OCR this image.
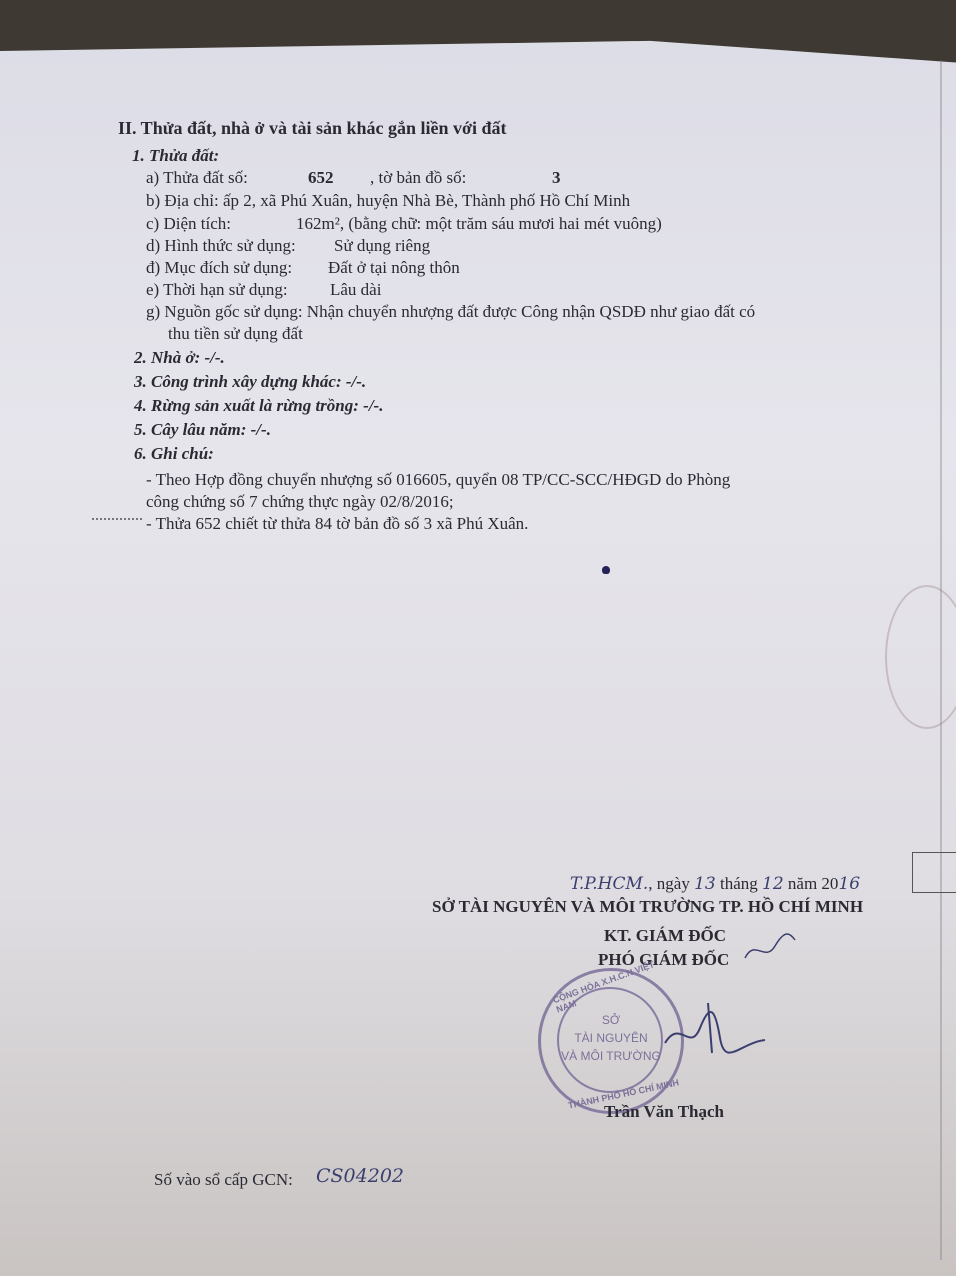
II. Thửa đất, nhà ở và tài sản khác gắn liền với đất
1. Thửa đất:
a) Thửa đất số:	652 , tờ bản đồ số:	3
b) Địa chỉ: ấp 2, xã Phú Xuân, huyện Nhà Bè, Thành phố Hồ Chí Minh
c) Diện tích:	162m², (bằng chữ: một trăm sáu mươi hai mét vuông)
d) Hình thức sử dụng: Sử dụng riêng
đ) Mục đích sử dụng: Đất ở tại nông thôn
e) Thời hạn sử dụng: Lâu dài
g) Nguồn gốc sử dụng: Nhận chuyển nhượng đất được Công nhận QSDĐ như giao đất có
thu tiền sử dụng đất
2. Nhà ở: -/-.
3. Công trình xây dựng khác: -/-.
4. Rừng sản xuất là rừng trồng: -/-.
5. Cây lâu năm: -/-.
6. Ghi chú:
- Theo Hợp đồng chuyển nhượng số 016605, quyển 08 TP/CC-SCC/HĐGD do Phòng
công chứng số 7 chứng thực ngày 02/8/2016;
- Thửa 652 chiết từ thửa 84 tờ bản đồ số 3 xã Phú Xuân.
T.P.HCM., ngày 13 tháng 12 năm 2016
SỞ TÀI NGUYÊN VÀ MÔI TRƯỜNG TP. HỒ CHÍ MINH
KT. GIÁM ĐỐC
PHÓ GIÁM ĐỐC
CỘNG HÒA X.H.C.N VIỆT NAM
SỞ
TÀI NGUYÊN
VÀ MÔI TRƯỜNG
THÀNH PHỐ HỒ CHÍ MINH
Trần Văn Thạch
Số vào sổ cấp GCN: CS04202
